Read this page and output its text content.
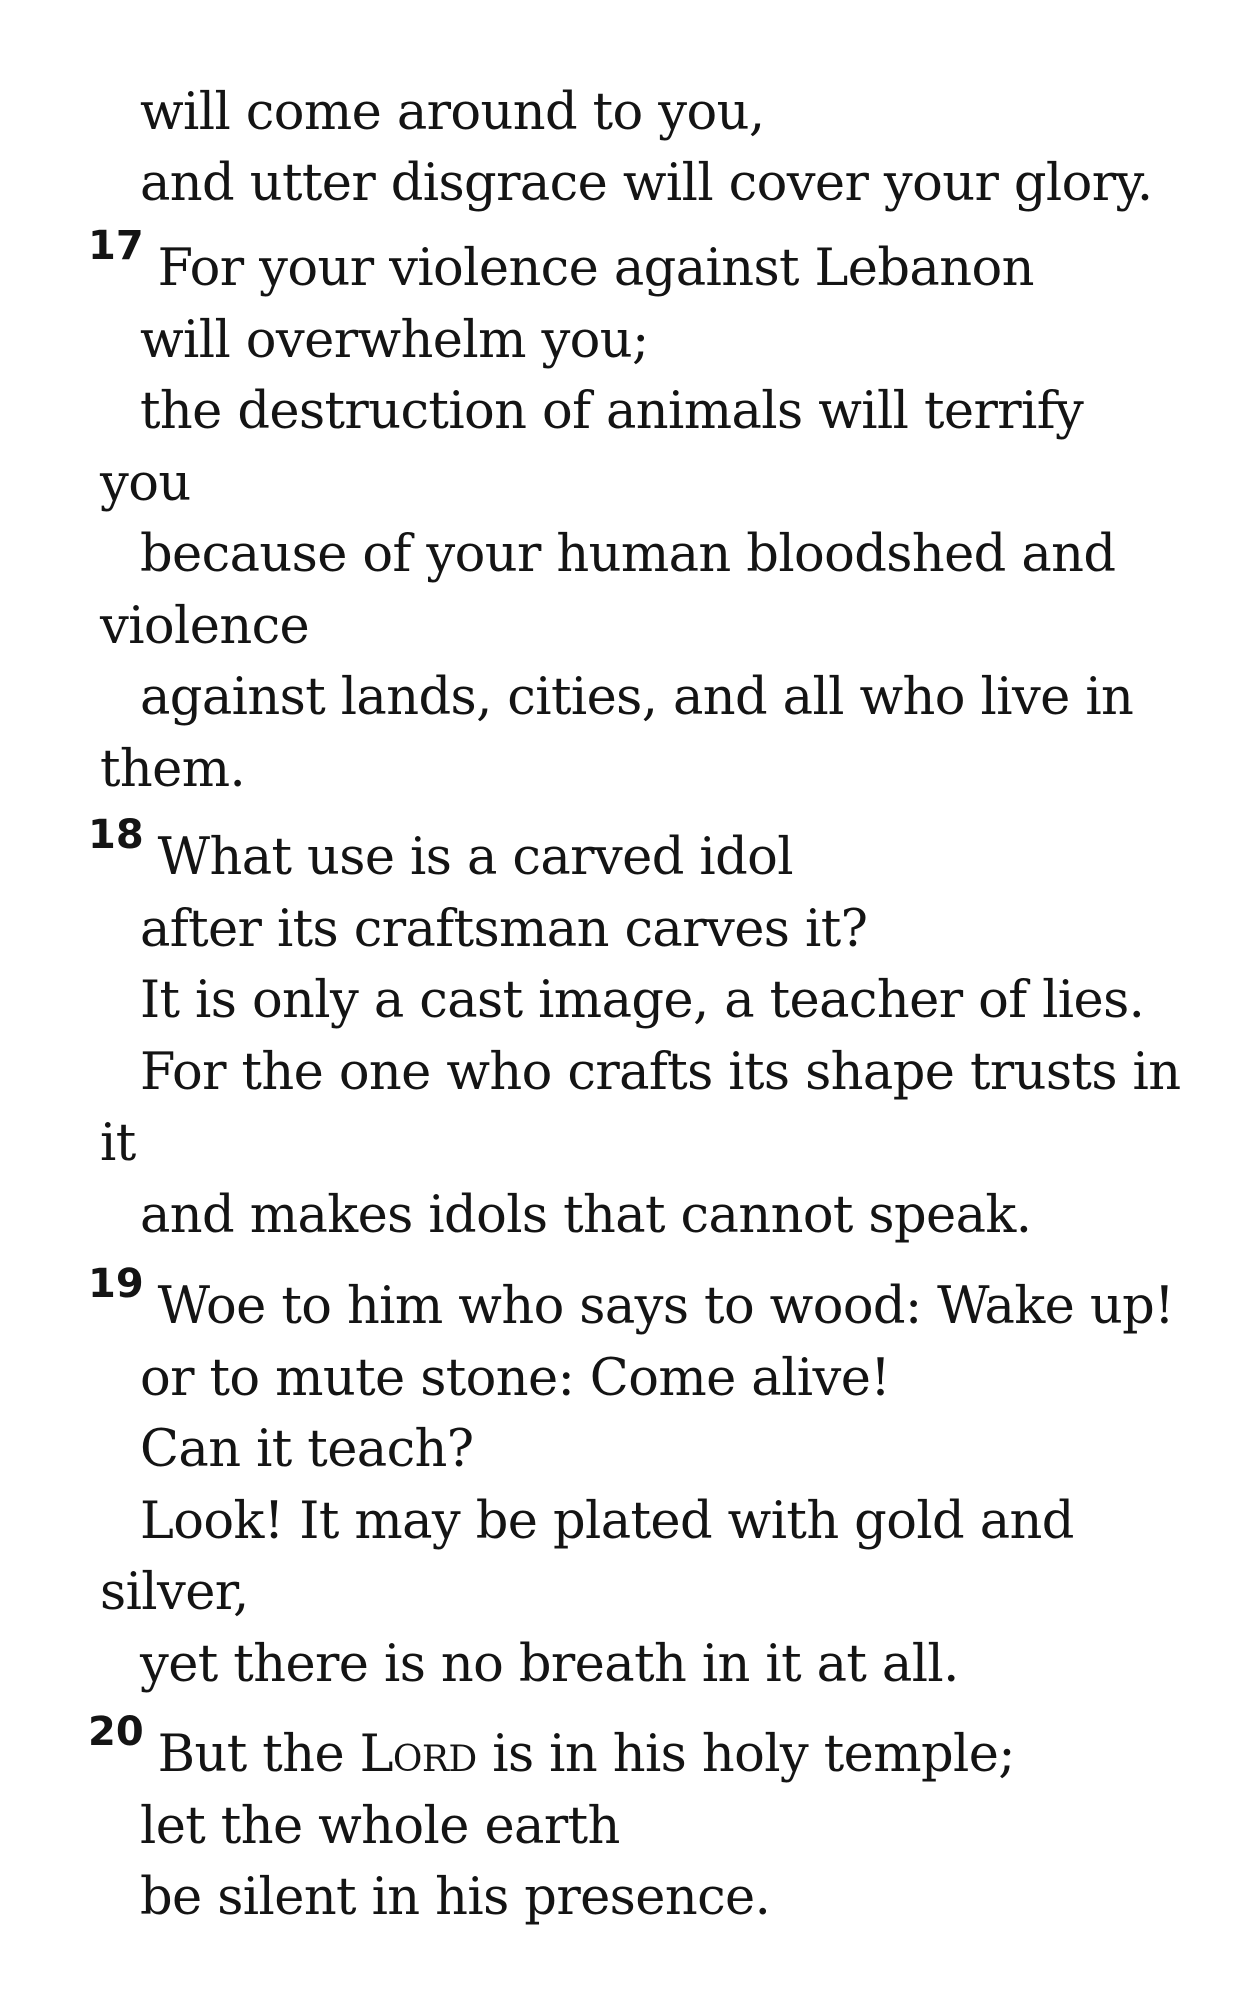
will come around to you,
and utter disgrace will cover your glory.
$^{17}$ For your violence against Lebanon
will overwhelm you;
the destruction of animals will terrify
you
because of your human bloodshed and
violence
against lands, cities, and all who live in
them.
$^{18}$ What use is a carved idol
after its craftsman carves it?
It is only a cast image, a teacher of lies.
For the one who crafts its shape trusts in
it
and makes idols that cannot speak.
$^{19}$ Woe to him who says to wood: Wake up!
or to mute stone: Come alive!
Can it teach?
Look! It may be plated with gold and
silver,
yet there is no breath in it at all.
$^{20}$ But the Lord is in his holy temple;
let the whole earth
be silent in his presence.
